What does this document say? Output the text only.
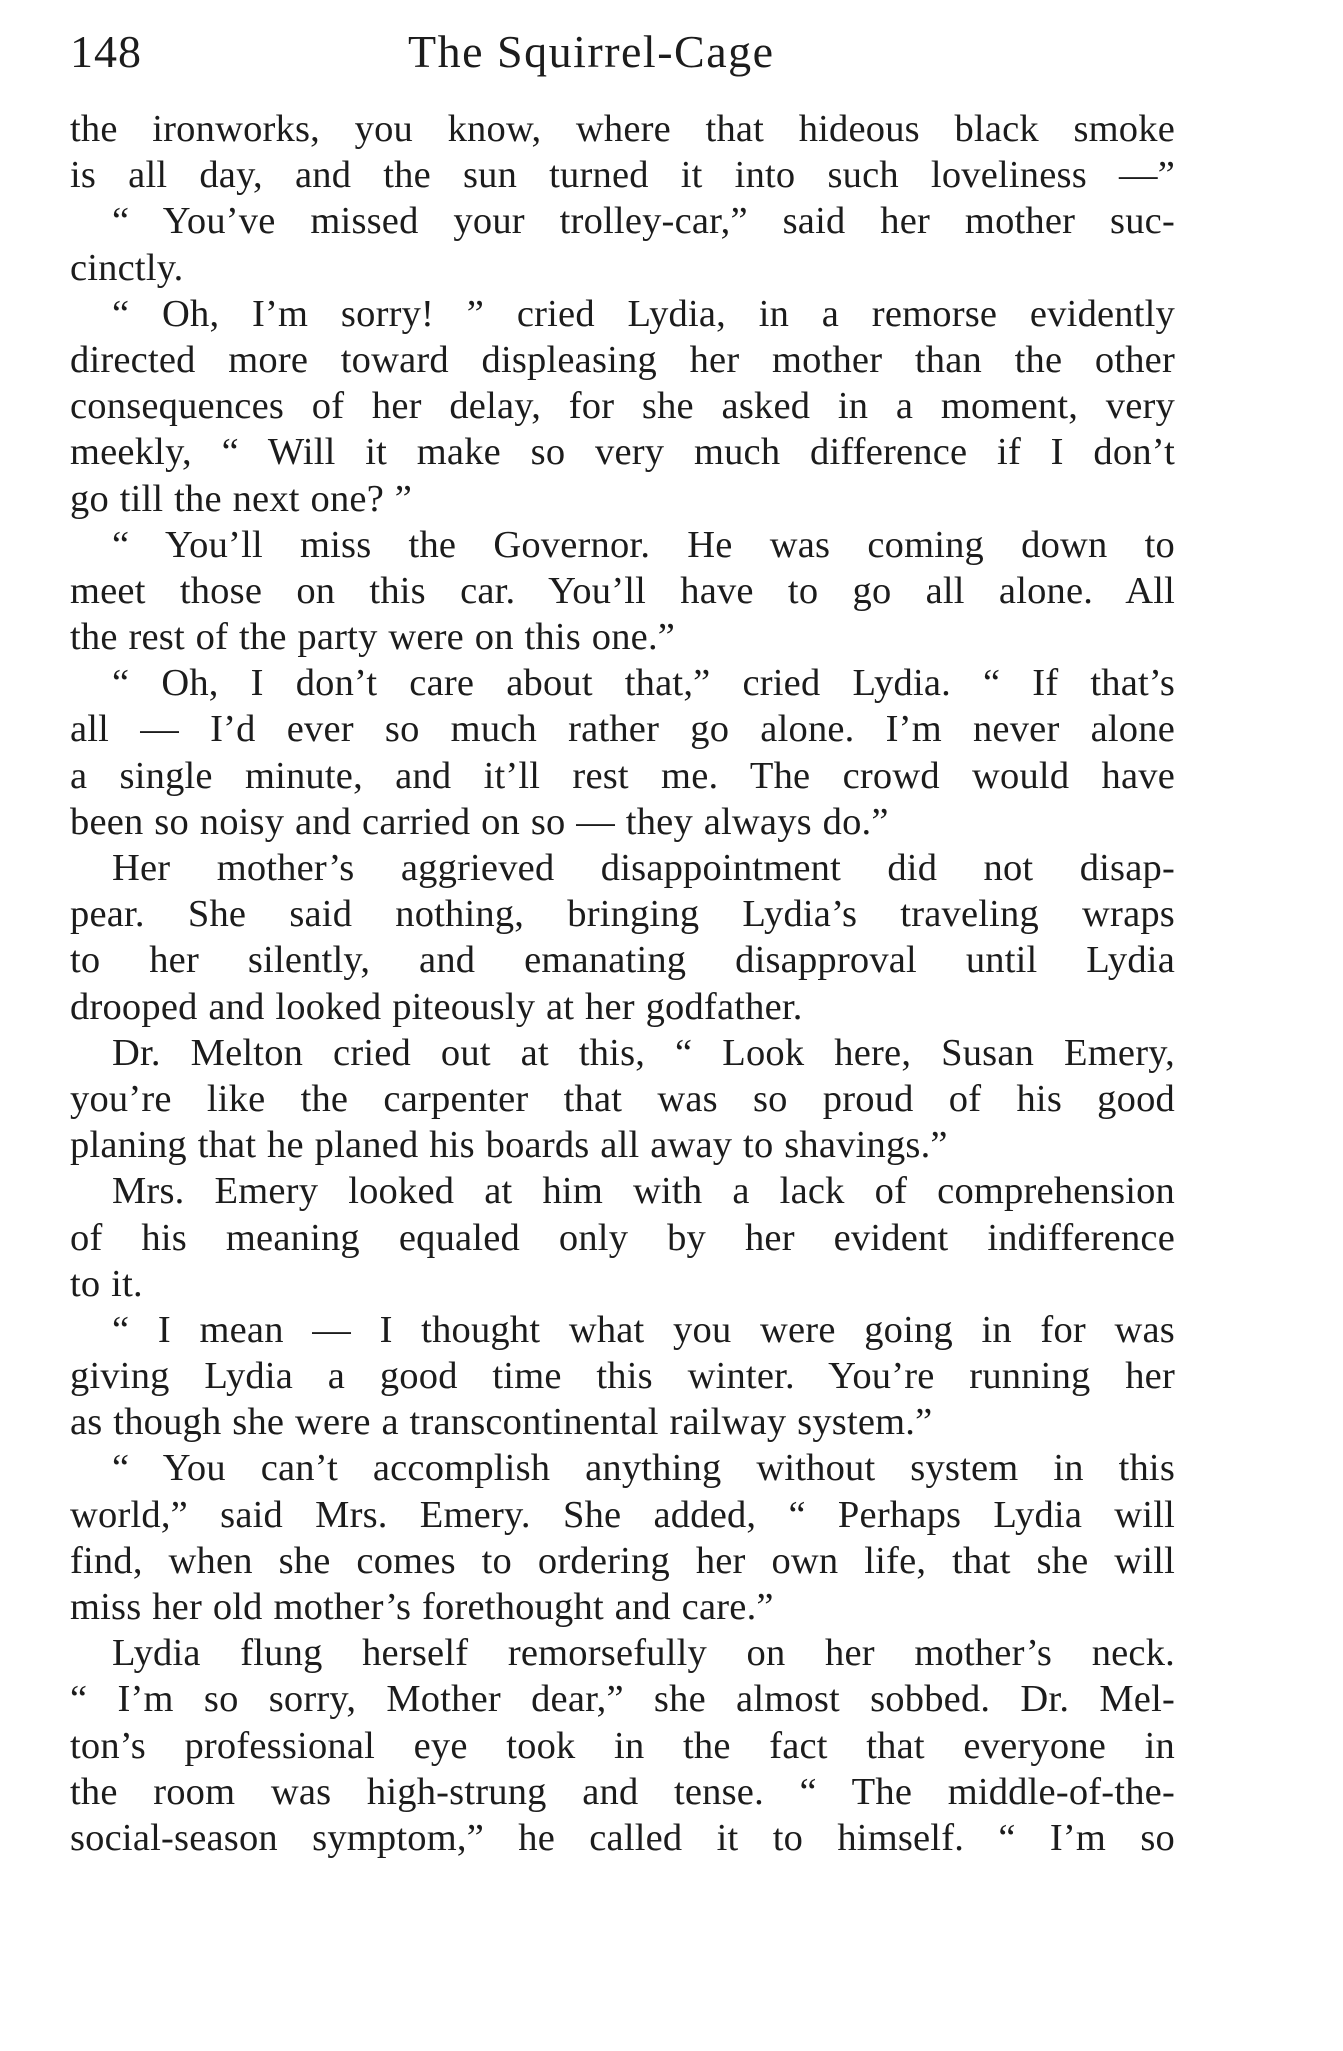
148	The Squirrel-Cage
the ironworks, you know, where that hideous black smoke
is all day, and the sun turned it into such loveliness —”
“ You’ve missed your trolley-car,” said her mother suc-
cinctly.
“ Oh, I’m sorry! ” cried Lydia, in a remorse evidently
directed more toward displeasing her mother than the other
consequences of her delay, for she asked in a moment, very
meekly, “ Will it make so very much difference if I don’t
go till the next one? ”
“ You’ll miss the Governor. He was coming down to
meet those on this car. You’ll have to go all alone. All
the rest of the party were on this one.”
“ Oh, I don’t care about that,” cried Lydia. “ If that’s
all — I’d ever so much rather go alone. I’m never alone
a single minute, and it’ll rest me. The crowd would have
been so noisy and carried on so — they always do.”
Her mother’s aggrieved disappointment did not disap-
pear. She said nothing, bringing Lydia’s traveling wraps
to her silently, and emanating disapproval until Lydia
drooped and looked piteously at her godfather.
Dr. Melton cried out at this, “ Look here, Susan Emery,
you’re like the carpenter that was so proud of his good
planing that he planed his boards all away to shavings.”
Mrs. Emery looked at him with a lack of comprehension
of his meaning equaled only by her evident indifference
to it.
“ I mean — I thought what you were going in for was
giving Lydia a good time this winter. You’re running her
as though she were a transcontinental railway system.”
“ You can’t accomplish anything without system in this
world,” said Mrs. Emery. She added, “ Perhaps Lydia will
find, when she comes to ordering her own life, that she will
miss her old mother’s forethought and care.”
Lydia flung herself remorsefully on her mother’s neck.
“ I’m so sorry, Mother dear,” she almost sobbed. Dr. Mel-
ton’s professional eye took in the fact that everyone in
the room was high-strung and tense. “ The middle-of-the-
social-season symptom,” he called it to himself. “ I’m so
